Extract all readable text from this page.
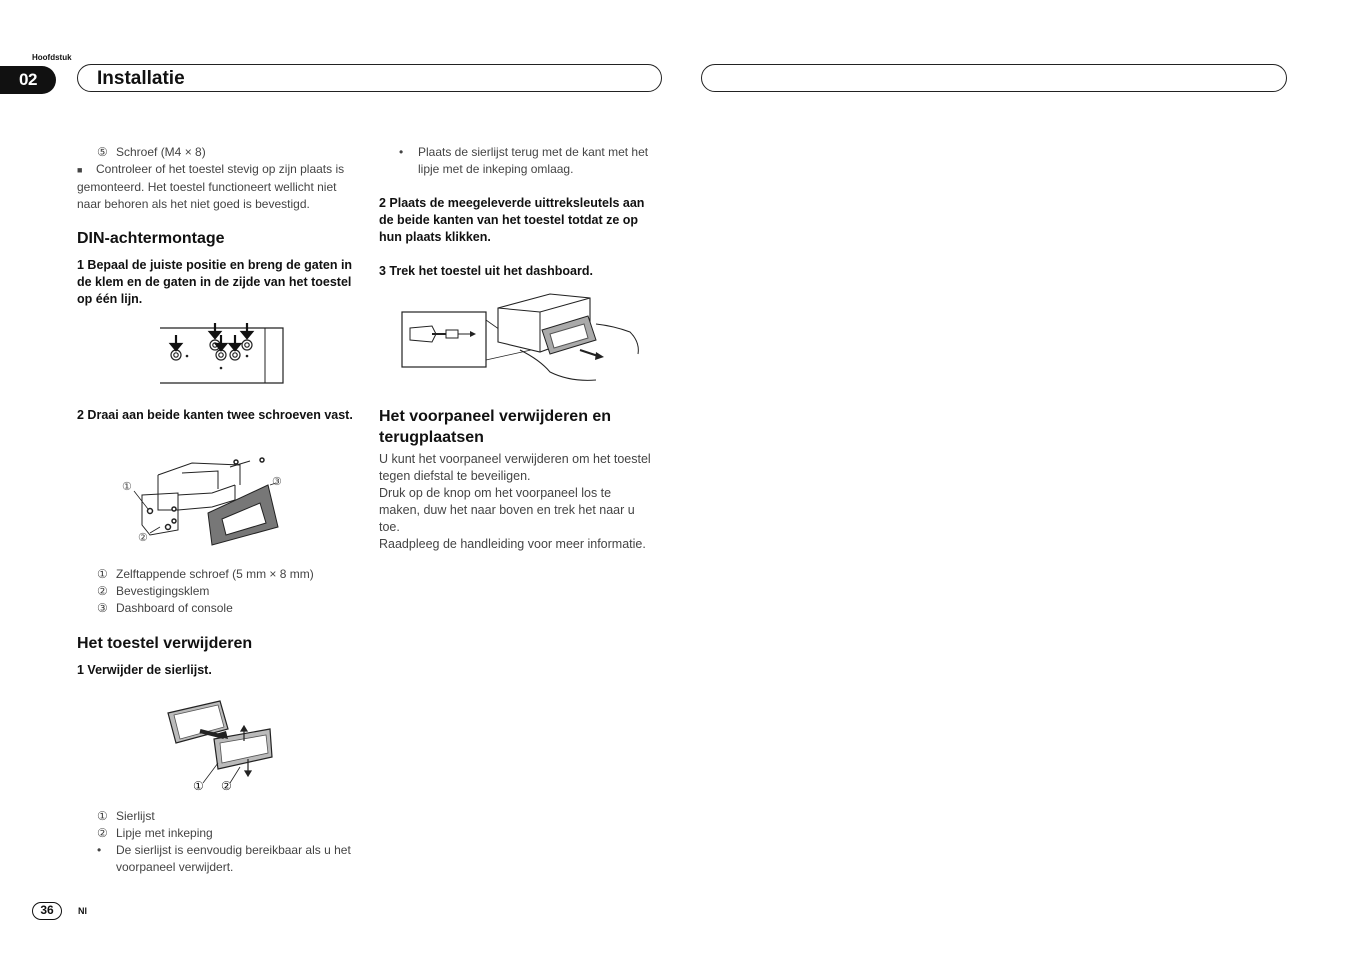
Hoofdstuk
02	Installatie
⑤ Schroef (M4 × 8)
■ Controleer of het toestel stevig op zijn plaats is gemonteerd. Het toestel functioneert wellicht niet naar behoren als het niet goed is bevestigd.
DIN-achtermontage
1 Bepaal de juiste positie en breng de gaten in de klem en de gaten in de zijde van het toestel op één lijn.
2 Draai aan beide kanten twee schroeven vast.
①
②
③
① Zelftappende schroef (5 mm × 8 mm)
② Bevestigingsklem
③ Dashboard of console
Het toestel verwijderen
1 Verwijder de sierlijst.
① ②
① Sierlijst
② Lipje met inkeping
•	De sierlijst is eenvoudig bereikbaar als u het voorpaneel verwijdert.
•	Plaats de sierlijst terug met de kant met het lipje met de inkeping omlaag.
2 Plaats de meegeleverde uittreksleutels aan de beide kanten van het toestel totdat ze op hun plaats klikken.
3 Trek het toestel uit het dashboard.
Het voorpaneel verwijderen en terugplaatsen
U kunt het voorpaneel verwijderen om het toestel tegen diefstal te beveiligen.
Druk op de knop om het voorpaneel los te maken, duw het naar boven en trek het naar u toe.
Raadpleeg de handleiding voor meer informatie.
36	Nl
